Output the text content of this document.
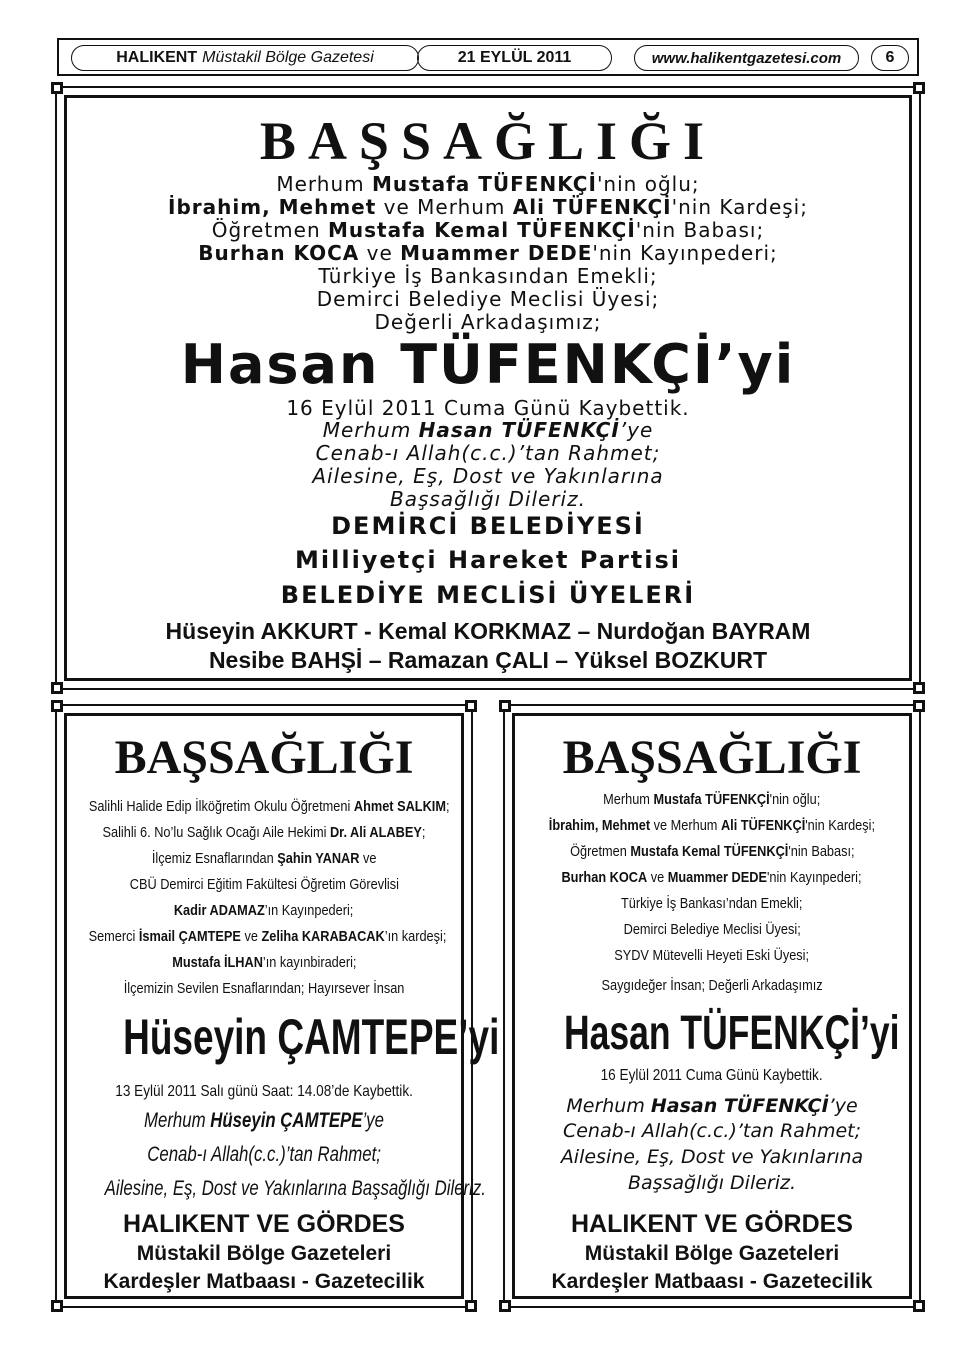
HALIKENT Müstakil Bölge Gazetesi	21 EYLÜL 2011	www.halikentgazetesi.com	6
BAŞSAĞLIĞI
Merhum Mustafa TÜFENKÇİ'nin oğlu;
İbrahim, Mehmet ve Merhum Ali TÜFENKÇİ'nin Kardeşi;
Öğretmen Mustafa Kemal TÜFENKÇİ'nin Babası;
Burhan KOCA ve Muammer DEDE'nin Kayınpederi;
Türkiye İş Bankasından Emekli;
Demirci Belediye Meclisi Üyesi;
Değerli Arkadaşımız;
Hasan TÜFENKÇİ’yi
16 Eylül 2011 Cuma Günü Kaybettik.
Merhum Hasan TÜFENKÇİ’ye
Cenab-ı Allah(c.c.)’tan Rahmet;
Ailesine, Eş, Dost ve Yakınlarına
Başsağlığı Dileriz.
DEMİRCİ BELEDİYESİ
Milliyetçi Hareket Partisi
BELEDİYE MECLİSİ ÜYELERİ
Hüseyin AKKURT - Kemal KORKMAZ – Nurdoğan BAYRAM
Nesibe BAHŞİ – Ramazan ÇALI – Yüksel BOZKURT
BAŞSAĞLIĞI
Salihli Halide Edip İlköğretim Okulu Öğretmeni Ahmet SALKIM;
Salihli 6. No’lu Sağlık Ocağı Aile Hekimi Dr. Ali ALABEY;
İlçemiz Esnaflarından Şahin YANAR ve
CBÜ Demirci Eğitim Fakültesi Öğretim Görevlisi
Kadir ADAMAZ’ın Kayınpederi;
Semerci İsmail ÇAMTEPE ve Zeliha KARABACAK’ın kardeşi;
Mustafa İLHAN’ın kayınbiraderi;
İlçemizin Sevilen Esnaflarından; Hayırsever İnsan
Hüseyin ÇAMTEPE’yi
13 Eylül 2011 Salı günü Saat: 14.08’de Kaybettik.
Merhum Hüseyin ÇAMTEPE’ye
Cenab-ı Allah(c.c.)’tan Rahmet;
Ailesine, Eş, Dost ve Yakınlarına Başsağlığı Dileriz.
HALIKENT VE GÖRDES
Müstakil Bölge Gazeteleri
Kardeşler Matbaası - Gazetecilik
BAŞSAĞLIĞI
Merhum Mustafa TÜFENKÇİ'nin oğlu;
İbrahim, Mehmet ve Merhum Ali TÜFENKÇİ'nin Kardeşi;
Öğretmen Mustafa Kemal TÜFENKÇİ'nin Babası;
Burhan KOCA ve Muammer DEDE'nin Kayınpederi;
Türkiye İş Bankası’ndan Emekli;
Demirci Belediye Meclisi Üyesi;
SYDV Mütevelli Heyeti Eski Üyesi;
Saygıdeğer İnsan; Değerli Arkadaşımız
Hasan TÜFENKÇİ’yi
16 Eylül 2011 Cuma Günü Kaybettik.
Merhum Hasan TÜFENKÇİ’ye
Cenab-ı Allah(c.c.)’tan Rahmet;
Ailesine, Eş, Dost ve Yakınlarına
Başsağlığı Dileriz.
HALIKENT VE GÖRDES
Müstakil Bölge Gazeteleri
Kardeşler Matbaası - Gazetecilik
